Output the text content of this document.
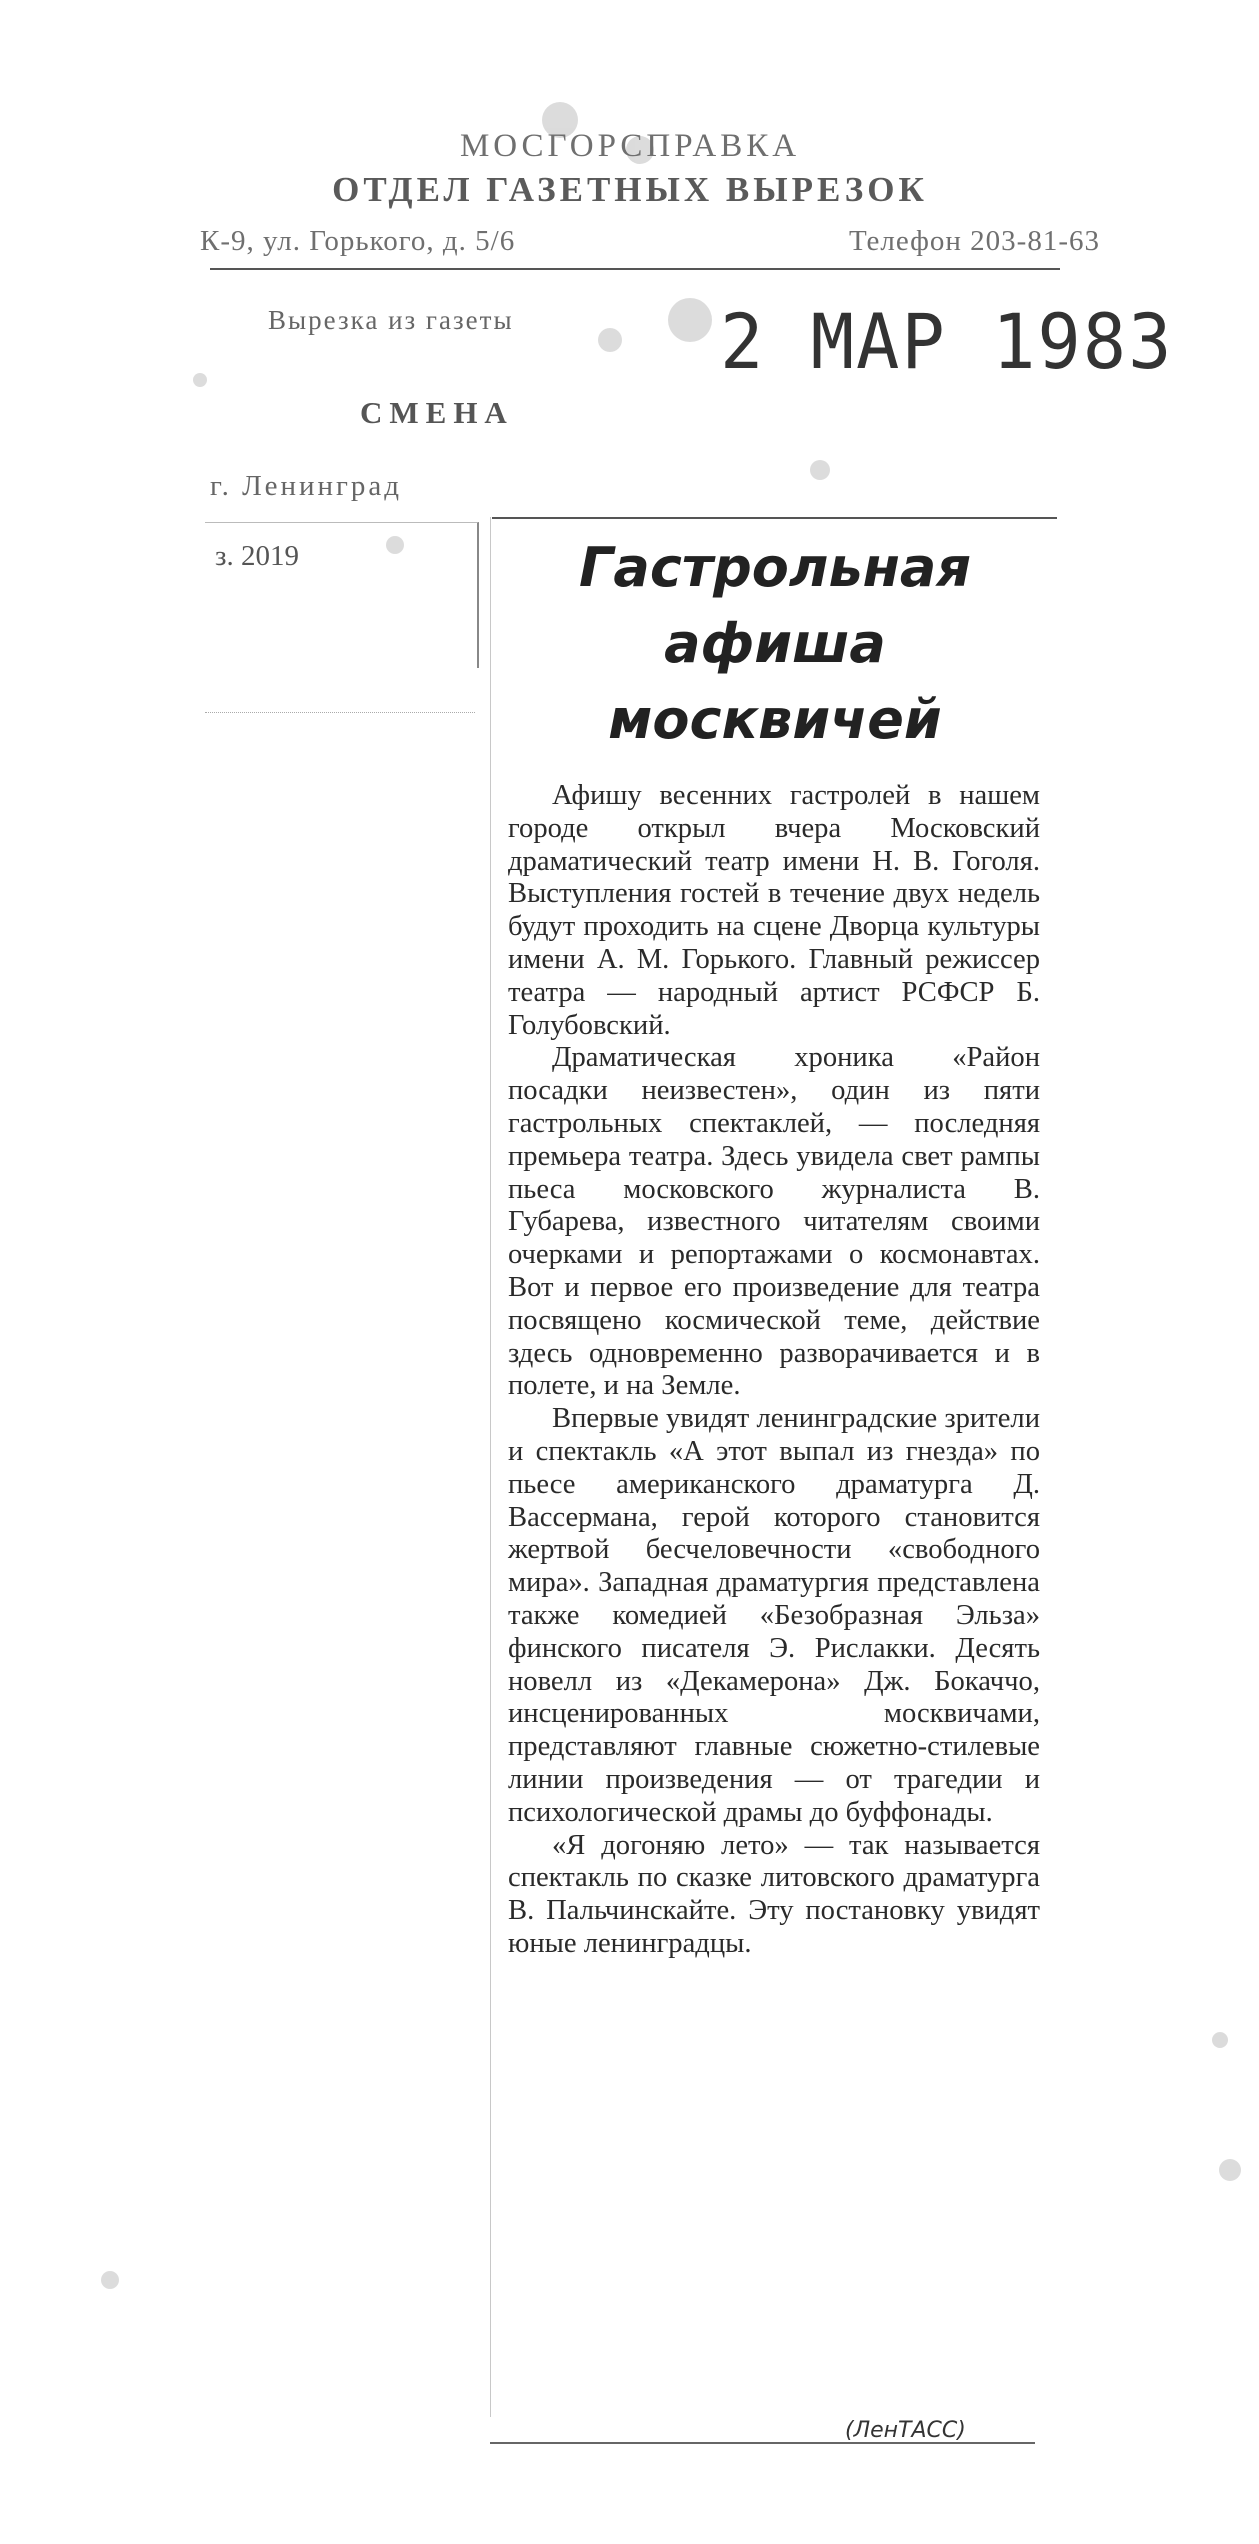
МОСГОРСПРАВКА
ОТДЕЛ ГАЗЕТНЫХ ВЫРЕЗОК
К-9, ул. Горького, д. 5/6	Телефон 203-81-63
Вырезка из газеты	2 МАР 1983
СМЕНА
г. Ленинград
з. 2019	Гастрольная
афиша
москвичей

Афишу весенних гастролей в нашем городе открыл вчера Московский драматический театр имени Н. В. Гоголя. Выступления гостей в течение двух недель будут проходить на сцене Дворца культуры имени А. М. Горького. Главный режиссер театра — народный артист РСФСР Б. Голубовский.

Драматическая хроника «Район посадки неизвестен», один из пяти гастрольных спектаклей, — последняя премьера театра. Здесь увидела свет рампы пьеса московского журналиста В. Губарева, известного читателям своими очерками и репортажами о космонавтах. Вот и первое его произведение для театра посвящено космической теме, действие здесь одновременно разворачивается и в полете, и на Земле.

Впервые увидят ленинградские зрители и спектакль «А этот выпал из гнезда» по пьесе американского драматурга Д. Вассермана, герой которого становится жертвой бесчеловечности «свободного мира». Западная драматургия представлена также комедией «Безобразная Эльза» финского писателя Э. Рислакки. Десять новелл из «Декамерона» Дж. Бокаччо, инсценированных москвичами, представляют главные сюжетно-стилевые линии произведения — от трагедии и психологической драмы до буффонады.

«Я догоняю лето» — так называется спектакль по сказке литовского драматурга В. Пальчинскайте. Эту постановку увидят юные ленинградцы.

(ЛенТАСС)
